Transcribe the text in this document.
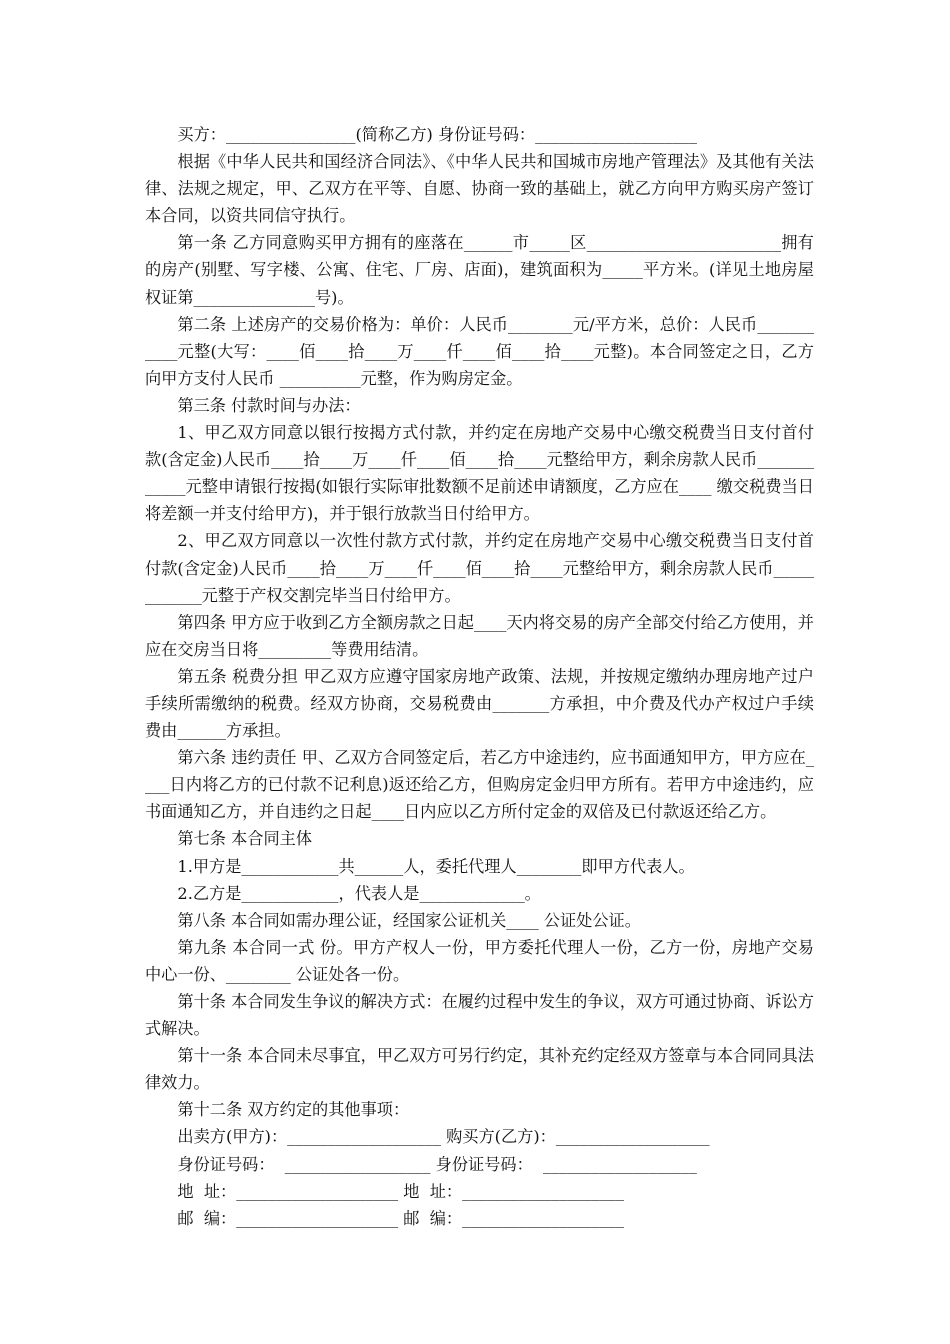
买方：________________(简称乙方) 身份证号码：____________________

根据《中华人民共和国经济合同法》、《中华人民共和国城市房地产管理法》及其他有关法律、法规之规定，甲、乙双方在平等、自愿、协商一致的基础上，就乙方向甲方购买房产签订本合同，以资共同信守执行。

第一条 乙方同意购买甲方拥有的座落在______市_____区________________________拥有的房产(别墅、写字楼、公寓、住宅、厂房、店面)，建筑面积为_____平方米。(详见土地房屋权证第_______________号)。

第二条 上述房产的交易价格为：单价：人民币________元/平方米，总价：人民币___________元整(大写：____佰____拾____万____仟____佰____拾____元整)。本合同签定之日，乙方向甲方支付人民币 __________元整，作为购房定金。

第三条 付款时间与办法：

1、甲乙双方同意以银行按揭方式付款，并约定在房地产交易中心缴交税费当日支付首付款(含定金)人民币____拾____万____仟____佰____拾____元整给甲方，剩余房款人民币____________元整申请银行按揭(如银行实际审批数额不足前述申请额度，乙方应在____ 缴交税费当日将差额一并支付给甲方)，并于银行放款当日付给甲方。

2、甲乙双方同意以一次性付款方式付款，并约定在房地产交易中心缴交税费当日支付首付款(含定金)人民币____拾____万____仟____佰____拾____元整给甲方，剩余房款人民币____________元整于产权交割完毕当日付给甲方。

第四条 甲方应于收到乙方全额房款之日起____天内将交易的房产全部交付给乙方使用，并应在交房当日将_________等费用结清。

第五条 税费分担 甲乙双方应遵守国家房地产政策、法规，并按规定缴纳办理房地产过户手续所需缴纳的税费。经双方协商，交易税费由_______方承担，中介费及代办产权过户手续费由______方承担。

第六条 违约责任 甲、乙双方合同签定后，若乙方中途违约，应书面通知甲方，甲方应在____日内将乙方的已付款不记利息)返还给乙方，但购房定金归甲方所有。若甲方中途违约，应书面通知乙方，并自违约之日起____日内应以乙方所付定金的双倍及已付款返还给乙方。

第七条 本合同主体

1.甲方是____________共______人，委托代理人________即甲方代表人。

2.乙方是____________，代表人是_____________。

第八条 本合同如需办理公证，经国家公证机关____ 公证处公证。

第九条 本合同一式 份。甲方产权人一份，甲方委托代理人一份，乙方一份，房地产交易中心一份、________ 公证处各一份。

第十条 本合同发生争议的解决方式：在履约过程中发生的争议，双方可通过协商、诉讼方式解决。

第十一条 本合同未尽事宜，甲乙双方可另行约定，其补充约定经双方签章与本合同同具法律效力。

第十二条 双方约定的其他事项：

出卖方(甲方)：___________________ 购买方(乙方)：___________________

身份证号码：  __________________ 身份证号码：  ___________________

地  址：____________________ 地  址：____________________

邮  编：____________________ 邮  编：____________________
